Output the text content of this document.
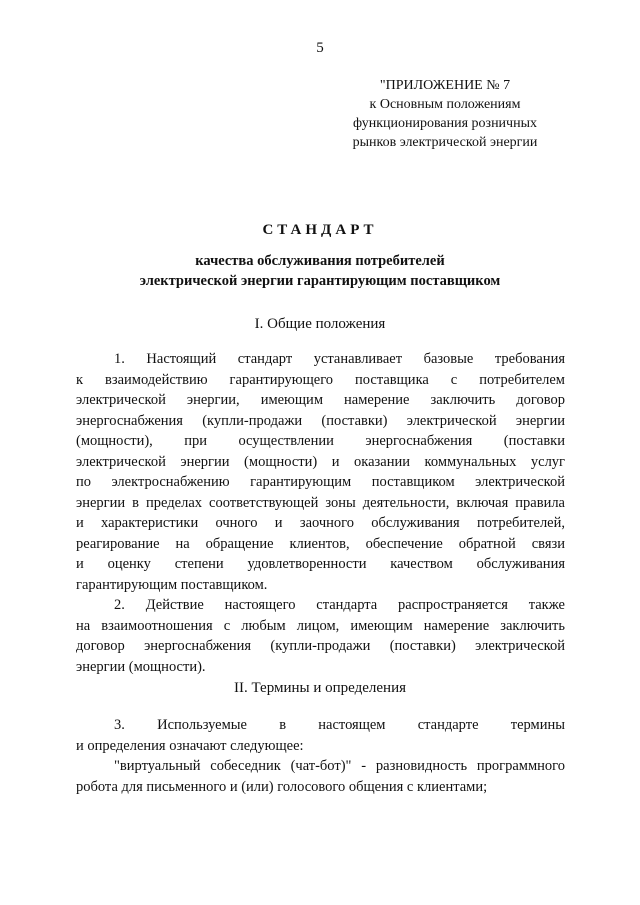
5
"ПРИЛОЖЕНИЕ № 7
к Основным положениям
функционирования розничных
рынков электрической энергии
СТАНДАРТ
качества обслуживания потребителей
электрической энергии гарантирующим поставщиком
I. Общие положения
1. Настоящий стандарт устанавливает базовые требования
к взаимодействию гарантирующего поставщика с потребителем
электрической энергии, имеющим намерение заключить договор
энергоснабжения (купли-продажи (поставки) электрической энергии
(мощности), при осуществлении энергоснабжения (поставки
электрической энергии (мощности) и оказании коммунальных услуг
по электроснабжению гарантирующим поставщиком электрической
энергии в пределах соответствующей зоны деятельности, включая правила
и характеристики очного и заочного обслуживания потребителей,
реагирование на обращение клиентов, обеспечение обратной связи
и оценку степени удовлетворенности качеством обслуживания
гарантирующим поставщиком.
2. Действие настоящего стандарта распространяется также
на взаимоотношения с любым лицом, имеющим намерение заключить
договор энергоснабжения (купли-продажи (поставки) электрической
энергии (мощности).
II. Термины и определения
3. Используемые в настоящем стандарте термины
и определения означают следующее:
"виртуальный собеседник (чат-бот)" - разновидность программного
робота для письменного и (или) голосового общения с клиентами;
